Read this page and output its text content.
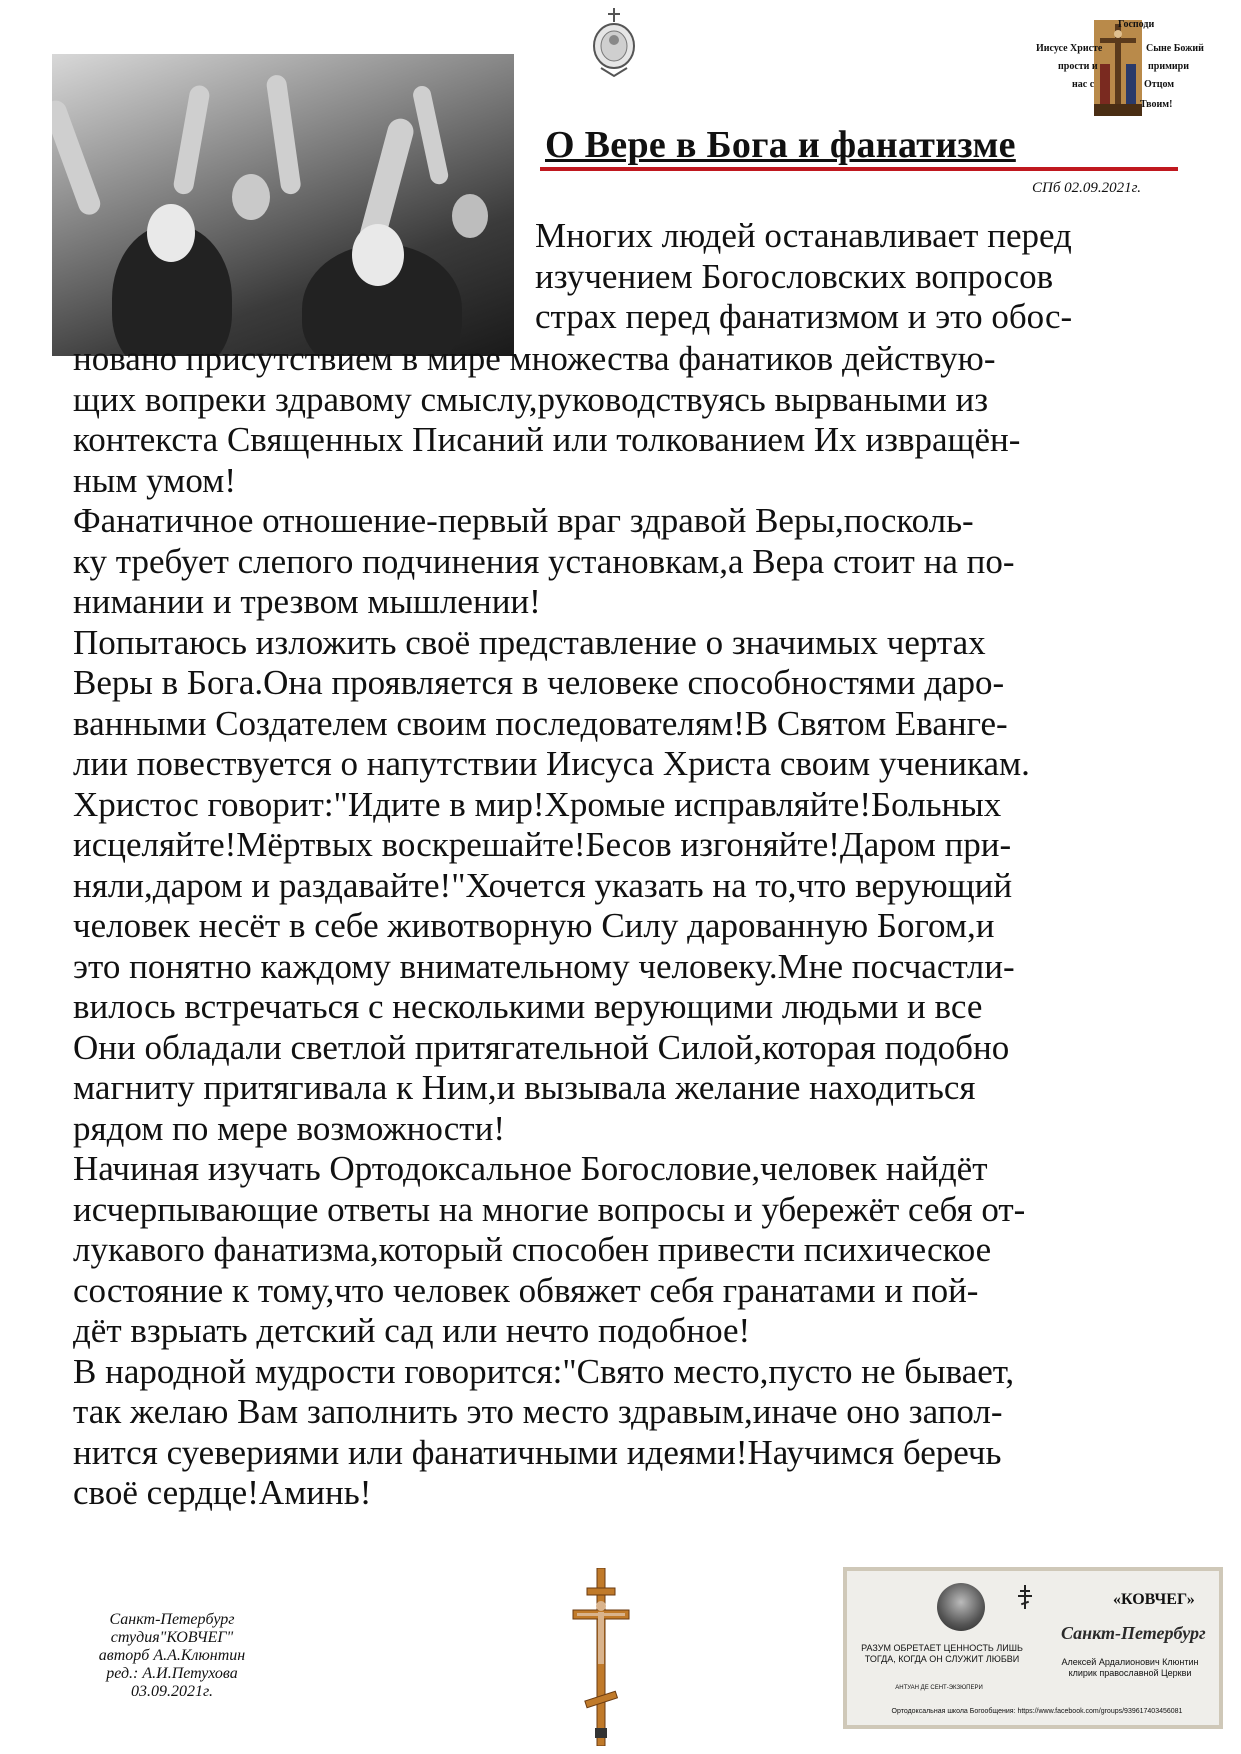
Господи
Иисусе Христе	Сыне Божий
прости и	примири
нас с	Отцом
Твоим!
О Вере в Бога и фанатизме
СПб 02.09.2021г.
Многих людей останавливает перед
изучением Богословских вопросов
страх перед фанатизмом и это обос-
новано присутствием в мире множества фанатиков действую-
щих вопреки здравому смыслу,руководствуясь вырваными из
контекста Священных Писаний или толкованием Их извращён-
ным умом!
Фанатичное отношение-первый враг здравой Веры,посколь-
ку требует слепого подчинения установкам,а Вера стоит на по-
нимании и трезвом мышлении!
Попытаюсь изложить своё представление о значимых чертах
Веры в Бога.Она проявляется в человеке способностями даро-
ванными Создателем своим последователям!В Святом Еванге-
лии повествуется о напутствии Иисуса Христа своим ученикам.
Христос говорит:"Идите в мир!Хромые исправляйте!Больных
исцеляйте!Мёртвых воскрешайте!Бесов изгоняйте!Даром при-
няли,даром и раздавайте!"Хочется указать на то,что верующий
человек несёт в себе животворную Силу дарованную Богом,и
это понятно каждому внимательному человеку.Мне посчастли-
вилось встречаться с несколькими верующими людьми и все
Они обладали светлой притягательной Силой,которая подобно
магниту притягивала к Ним,и вызывала желание находиться
рядом по мере возможности!
Начиная изучать Ортодоксальное Богословие,человек найдёт
исчерпывающие ответы на многие вопросы и убережёт себя от-
лукавого фанатизма,который способен привести психическое
состояние к тому,что человек обвяжет себя гранатами и пой-
дёт взрыать детский сад или нечто подобное!
В народной мудрости говорится:"Свято место,пусто не бывает,
так желаю Вам заполнить это место здравым,иначе оно запол-
нится суевериями или фанатичными идеями!Научимся беречь
своё сердце!Аминь!
Санкт-Петербург
студия"КОВЧЕГ"
авторб А.А.Клюнтин
ред.: А.И.Петухова
03.09.2021г.
«КОВЧЕГ»
Санкт-Петербург
РАЗУМ ОБРЕТАЕТ ЦЕННОСТЬ ЛИШЬ ТОГДА, КОГДА ОН СЛУЖИТ ЛЮБВИ
АНТУАН ДЕ СЕНТ-ЭКЗЮПЕРИ
Алексей Ардалионович Клюнтин
клирик православной Церкви
Ортодоксальная школа Богообщения: https://www.facebook.com/groups/939617403456081
